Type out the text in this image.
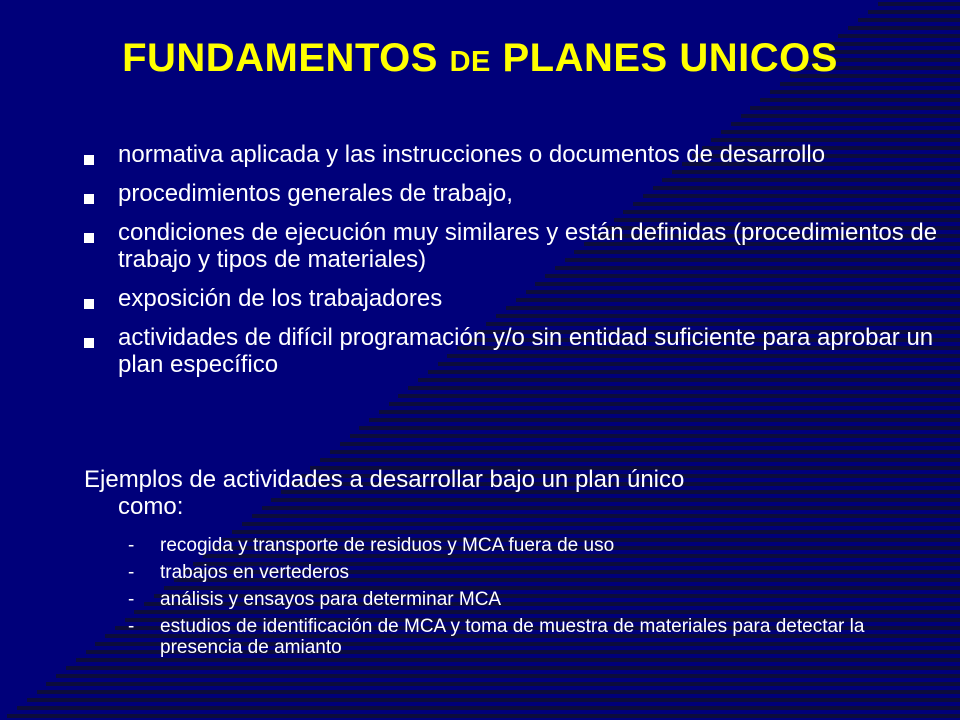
FUNDAMENTOS DE PLANES UNICOS
normativa aplicada y las instrucciones o documentos de desarrollo
procedimientos generales de trabajo,
condiciones de ejecución muy similares y están definidas (procedimientos de trabajo y tipos de materiales)
exposición de los trabajadores
actividades de difícil programación y/o sin entidad suficiente para aprobar un plan específico
Ejemplos de actividades a desarrollar bajo un plan único
como:
- recogida y transporte de residuos y MCA fuera de uso
- trabajos en vertederos
- análisis y ensayos para determinar MCA
- estudios de identificación de MCA y toma de muestra de materiales para detectar la presencia de amianto
